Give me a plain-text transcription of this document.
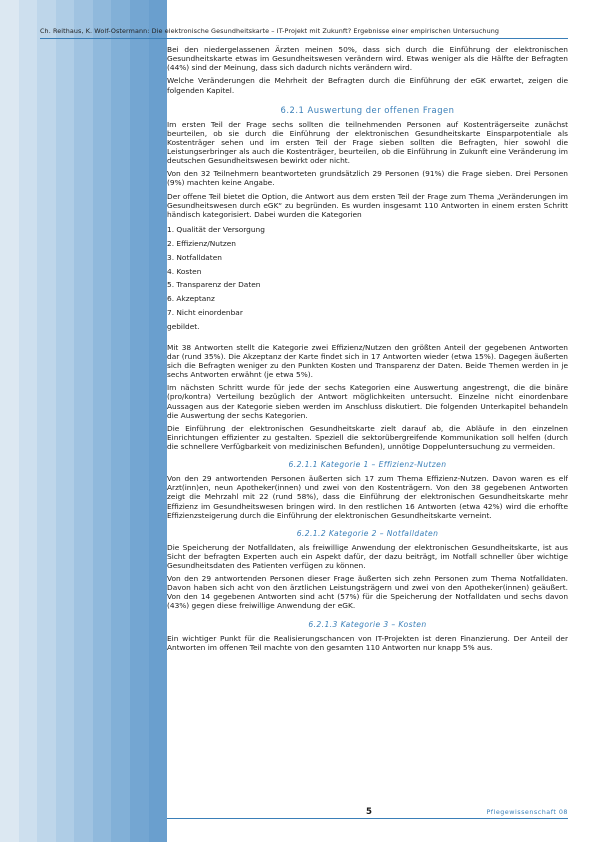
Ch. Reithaus, K. Wolf-Ostermann: Die elektronische Gesundheitskarte – IT-Projekt mit Zukunft? Ergebnisse einer empirischen Untersuchung

Bei den niedergelassenen Ärzten meinen 50%, dass sich durch die Einführung der elektronischen Gesundheitskarte etwas im Gesundheitswesen verändern wird. Etwas weniger als die Hälfte der Befragten (44%) sind der Meinung, dass sich dadurch nichts verändern wird.

Welche Veränderungen die Mehrheit der Befragten durch die Einführung der eGK erwartet, zeigen die folgenden Kapitel.

6.2.1 Auswertung der offenen Fragen

Im ersten Teil der Frage sechs sollten die teilnehmenden Personen auf Kostenträgerseite zunächst beurteilen, ob sie durch die Einführung der elektronischen Gesundheitskarte Einsparpotentiale als Kostenträger sehen und im ersten Teil der Frage sieben sollten die Befragten, hier sowohl die Leistungserbringer als auch die Kostenträger, beurteilen, ob die Einführung in Zukunft eine Veränderung im deutschen Gesundheitswesen bewirkt oder nicht.

Von den 32 Teilnehmern beantworteten grundsätzlich 29 Personen (91%) die Frage sieben. Drei Personen (9%) machten keine Angabe.

Der offene Teil bietet die Option, die Antwort aus dem ersten Teil der Frage zum Thema „Veränderungen im Gesundheitswesen durch eGK“ zu begründen. Es wurden insgesamt 110 Antworten in einem ersten Schritt händisch kategorisiert. Dabei wurden die Kategorien

1. Qualität der Versorgung
2. Effizienz/Nutzen
3. Notfalldaten
4. Kosten
5. Transparenz der Daten
6. Akzeptanz
7. Nicht einordenbar

gebildet.

Mit 38 Antworten stellt die Kategorie zwei Effizienz/Nutzen den größten Anteil der gegebenen Antworten dar (rund 35%). Die Akzeptanz der Karte findet sich in 17 Antworten wieder (etwa 15%). Dagegen äußerten sich die Befragten weniger zu den Punkten Kosten und Transparenz der Daten. Beide Themen werden in je sechs Antworten erwähnt (je etwa 5%).

Im nächsten Schritt wurde für jede der sechs Kategorien eine Auswertung angestrengt, die die binäre (pro/kontra) Verteilung bezüglich der Antwort möglichkeiten untersucht. Einzelne nicht einordenbare Aussagen aus der Kategorie sieben werden im Anschluss diskutiert. Die folgenden Unterkapitel behandeln die Auswertung der sechs Kategorien.

Die Einführung der elektronischen Gesundheitskarte zielt darauf ab, die Abläufe in den einzelnen Einrichtungen effizienter zu gestalten. Speziell die sektorübergreifende Kommunikation soll helfen (durch die schnellere Verfügbarkeit von medizinischen Befunden), unnötige Doppeluntersuchung zu vermeiden.

6.2.1.1 Kategorie 1 – Effizienz-Nutzen

Von den 29 antwortenden Personen äußerten sich 17 zum Thema Effizienz-Nutzen. Davon waren es elf Arzt(inn)en, neun Apotheker(innen) und zwei von den Kostenträgern. Von den 38 gegebenen Antworten zeigt die Mehrzahl mit 22 (rund 58%), dass die Einführung der elektronischen Gesundheitskarte mehr Effizienz im Gesundheitswesen bringen wird. In den restlichen 16 Antworten (etwa 42%) wird die erhoffte Effizienzsteigerung durch die Einführung der elektronischen Gesundheitskarte verneint.

6.2.1.2 Kategorie 2 – Notfalldaten

Die Speicherung der Notfalldaten, als freiwillige Anwendung der elektronischen Gesundheitskarte, ist aus Sicht der befragten Experten auch ein Aspekt dafür, der dazu beiträgt, im Notfall schneller über wichtige Gesundheitsdaten des Patienten verfügen zu können.

Von den 29 antwortenden Personen dieser Frage äußerten sich zehn Personen zum Thema Notfalldaten. Davon haben sich acht von den ärztlichen Leistungsträgern und zwei von den Apotheker(innen) geäußert. Von den 14 gegebenen Antworten sind acht (57%) für die Speicherung der Notfalldaten und sechs davon (43%) gegen diese freiwillige Anwendung der eGK.

6.2.1.3 Kategorie 3 – Kosten

Ein wichtiger Punkt für die Realisierungschancen von IT-Projekten ist deren Finanzierung. Der Anteil der Antworten im offenen Teil machte von den gesamten 110 Antworten nur knapp 5% aus.

5	Pflegewissenschaft 08
